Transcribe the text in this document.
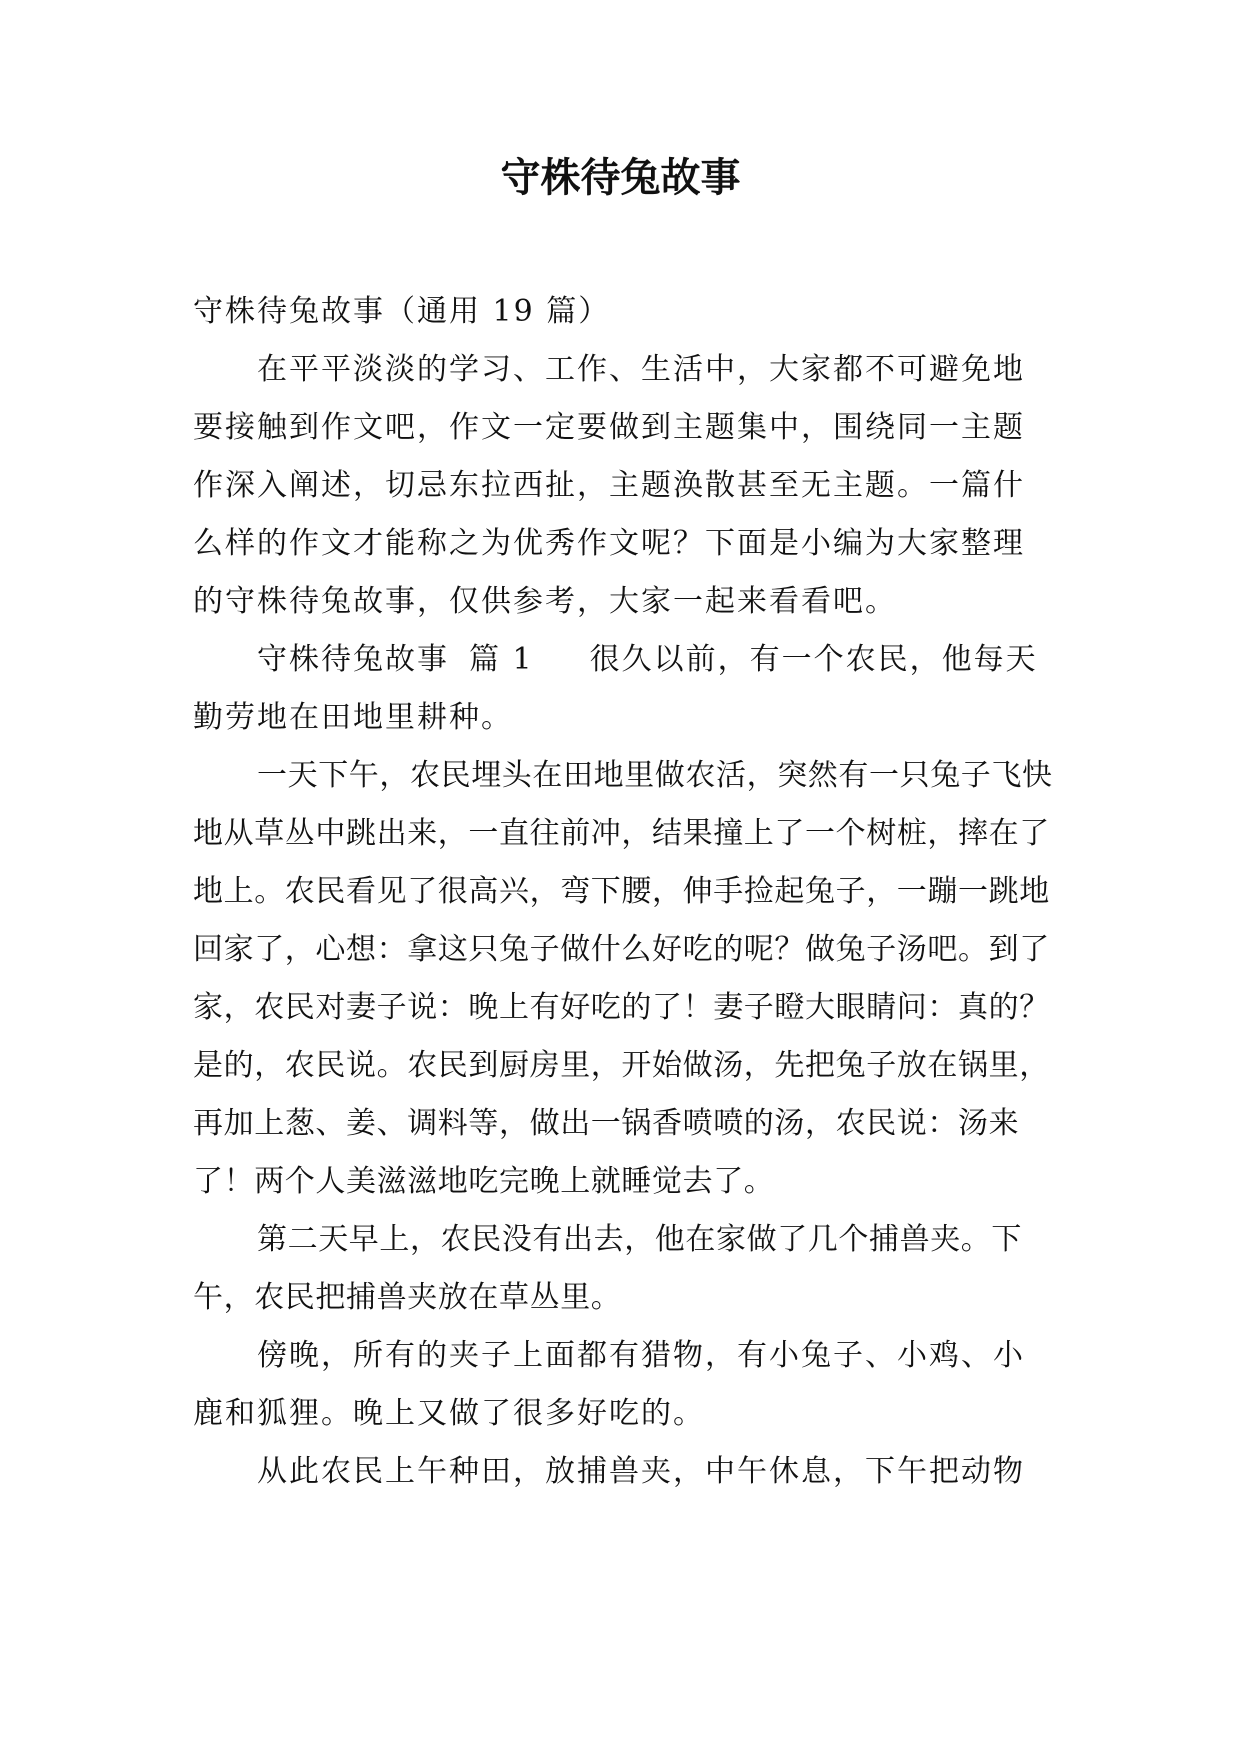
守株待兔故事

守株待兔故事（通用 19 篇）

在平平淡淡的学习、工作、生活中，大家都不可避免地要接触到作文吧，作文一定要做到主题集中，围绕同一主题作深入阐述，切忌东拉西扯，主题涣散甚至无主题。一篇什么样的作文才能称之为优秀作文呢？下面是小编为大家整理的守株待兔故事，仅供参考，大家一起来看看吧。

守株待兔故事 篇 1 很久以前，有一个农民，他每天勤劳地在田地里耕种。

一天下午，农民埋头在田地里做农活，突然有一只兔子飞快地从草丛中跳出来，一直往前冲，结果撞上了一个树桩，摔在了地上。农民看见了很高兴，弯下腰，伸手捡起兔子，一蹦一跳地回家了，心想：拿这只兔子做什么好吃的呢？做兔子汤吧。到了家，农民对妻子说：晚上有好吃的了！妻子瞪大眼睛问：真的？是的，农民说。农民到厨房里，开始做汤，先把兔子放在锅里，再加上葱、姜、调料等，做出一锅香喷喷的汤，农民说：汤来了！两个人美滋滋地吃完晚上就睡觉去了。

第二天早上，农民没有出去，他在家做了几个捕兽夹。下午，农民把捕兽夹放在草丛里。

傍晚，所有的夹子上面都有猎物，有小兔子、小鸡、小鹿和狐狸。晚上又做了很多好吃的。

从此农民上午种田，放捕兽夹，中午休息，下午把动物
